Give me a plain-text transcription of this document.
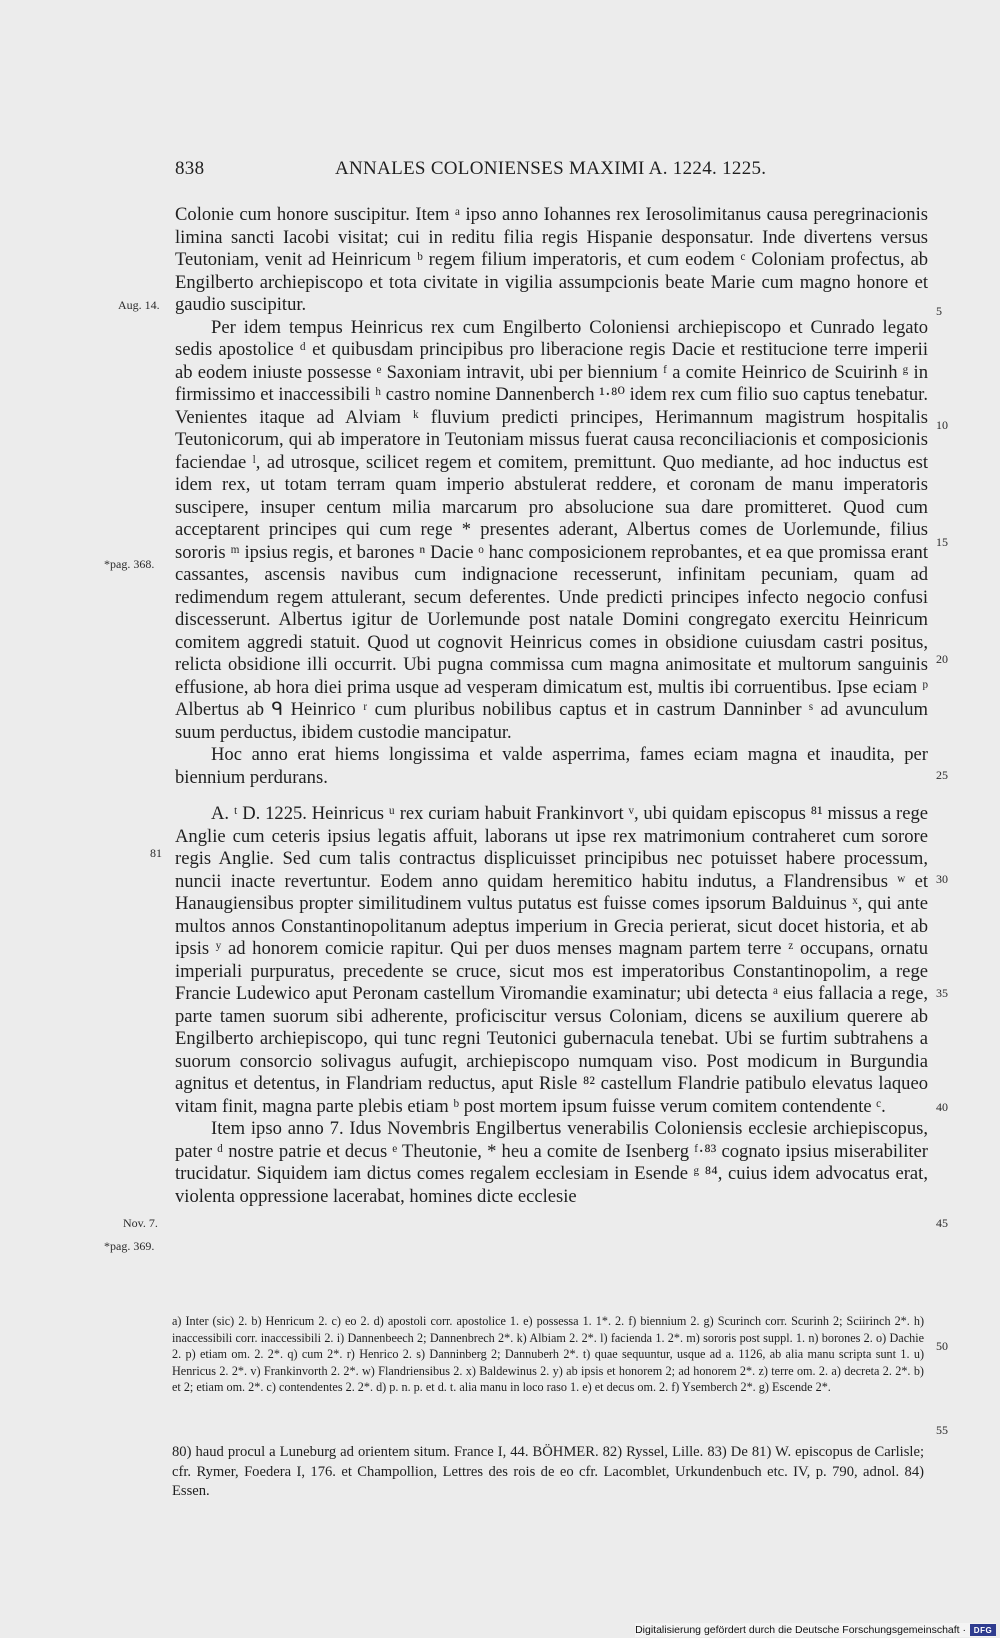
838	ANNALES COLONIENSES MAXIMI A. 1224. 1225.

Colonie cum honore suscipitur. Item ᵃ ipso anno Iohannes rex Ierosolimitanus causa peregrinacionis limina sancti Iacobi visitat; cui in reditu filia regis Hispanie desponsatur. Inde divertens versus Teutoniam, venit ad Heinricum ᵇ regem filium imperatoris, et cum eodem ᶜ Coloniam profectus, ab Engilberto archiepiscopo et tota civitate in vigilia assumpcionis beate Marie cum magno honore et gaudio suscipitur.

Per idem tempus Heinricus rex cum Engilberto Coloniensi archiepiscopo et Cunrado legato sedis apostolice ᵈ et quibusdam principibus pro liberacione regis Dacie et restitucione terre imperii ab eodem iniuste possesse ᵉ Saxoniam intravit, ubi per biennium ᶠ a comite Heinrico de Scuirinh ᵍ in firmissimo et inaccessibili ʰ castro nomine Dannenberch ¹·⁸⁰ idem rex cum filio suo captus tenebatur. Venientes itaque ad Alviam ᵏ fluvium predicti principes, Herimannum magistrum hospitalis Teutonicorum, qui ab imperatore in Teutoniam missus fuerat causa reconciliacionis et composicionis faciendae ˡ, ad utrosque, scilicet regem et comitem, premittunt. Quo mediante, ad hoc inductus est idem rex, ut totam terram quam imperio abstulerat reddere, et coronam de manu imperatoris suscipere, insuper centum milia marcarum pro absolucione sua dare promitteret. Quod cum acceptarent principes qui cum rege * presentes aderant, Albertus comes de Uorlemunde, filius sororis ᵐ ipsius regis, et barones ⁿ Dacie ᵒ hanc composicionem reprobantes, et ea que promissa erant cassantes, ascensis navibus cum indignacione recesserunt, infinitam pecuniam, quam ad redimendum regem attulerant, secum deferentes. Unde predicti principes infecto negocio confusi discesserunt. Albertus igitur de Uorlemunde post natale Domini congregato exercitu Heinricum comitem aggredi statuit. Quod ut cognovit Heinricus comes in obsidione cuiusdam castri positus, relicta obsidione illi occurrit. Ubi pugna commissa cum magna animositate et multorum sanguinis effusione, ab hora diei prima usque ad vesperam dimicatum est, multis ibi corruentibus. Ipse eciam ᵖ Albertus ab ᑫ Heinrico ʳ cum pluribus nobilibus captus et in castrum Danninber ˢ ad avunculum suum perductus, ibidem custodie mancipatur.

Hoc anno erat hiems longissima et valde asperrima, fames eciam magna et inaudita, per biennium perdurans.

A. ᵗ D. 1225. Heinricus ᵘ rex curiam habuit Frankinvort ᵛ, ubi quidam episcopus ⁸¹ missus a rege Anglie cum ceteris ipsius legatis affuit, laborans ut ipse rex matrimonium contraheret cum sorore regis Anglie. Sed cum talis contractus displicuisset principibus nec potuisset habere processum, nuncii inacte revertuntur. Eodem anno quidam heremitico habitu indutus, a Flandrensibus ʷ et Hanaugiensibus propter similitudinem vultus putatus est fuisse comes ipsorum Balduinus ˣ, qui ante multos annos Constantinopolitanum adeptus imperium in Grecia perierat, sicut docet historia, et ab ipsis ʸ ad honorem comicie rapitur. Qui per duos menses magnam partem terre ᶻ occupans, ornatu imperiali purpuratus, precedente se cruce, sicut mos est imperatoribus Constantinopolim, a rege Francie Ludewico aput Peronam castellum Viromandie examinatur; ubi detecta ᵃ eius fallacia a rege, parte tamen suorum sibi adherente, proficiscitur versus Coloniam, dicens se auxilium querere ab Engilberto archiepiscopo, qui tunc regni Teutonici gubernacula tenebat. Ubi se furtim subtrahens a suorum consorcio solivagus aufugit, archiepiscopo numquam viso. Post modicum in Burgundia agnitus et detentus, in Flandriam reductus, aput Risle ⁸² castellum Flandrie patibulo elevatus laqueo vitam finit, magna parte plebis etiam ᵇ post mortem ipsum fuisse verum comitem contendente ᶜ.

Item ipso anno 7. Idus Novembris Engilbertus venerabilis Coloniensis ecclesie archiepiscopus, pater ᵈ nostre patrie et decus ᵉ Theutonie, * heu a comite de Isenberg ᶠ·⁸³ cognato ipsius miserabiliter trucidatur. Siquidem iam dictus comes regalem ecclesiam in Esende ᵍ ⁸⁴, cuius idem advocatus erat, violenta oppressione lacerabat, homines dicte ecclesie

Aug. 14.
*pag. 368.
81
Nov. 7.
*pag. 369.
5
10
15
20
25
30
35
40
45
50
55

a) Inter (sic) 2. b) Henricum 2. c) eo 2. d) apostoli corr. apostolice 1. e) possessa 1. 1*. 2. f) biennium 2. g) Scurinch corr. Scurinh 2; Sciirinch 2*. h) inaccessibili corr. inaccessibili 2. i) Dannenbeech 2; Dannenbrech 2*. k) Albiam 2. 2*. l) facienda 1. 2*. m) sororis post suppl. 1. n) borones 2. o) Dachie 2. p) etiam om. 2. 2*. q) cum 2*. r) Henrico 2. s) Danninberg 2; Dannuberh 2*. t) quae sequuntur, usque ad a. 1126, ab alia manu scripta sunt 1. u) Henricus 2. 2*. v) Frankinvorth 2. 2*. w) Flandriensibus 2. x) Baldewinus 2. y) ab ipsis et honorem 2; ad honorem 2*. z) terre om. 2. a) decreta 2. 2*. b) et 2; etiam om. 2*. c) contendentes 2. 2*. d) p. n. p. et d. t. alia manu in loco raso 1. e) et decus om. 2. f) Ysemberch 2*. g) Escende 2*.

80) haud procul a Luneburg ad orientem situm. France I, 44. BÖHMER. 82) Ryssel, Lille. 83) De 81) W. episcopus de Carlisle; cfr. Rymer, Foedera I, 176. et Champollion, Lettres des rois de eo cfr. Lacomblet, Urkundenbuch etc. IV, p. 790, adnol. 84) Essen.

Digitalisierung gefördert durch die Deutsche Forschungsgemeinschaft · DFG
